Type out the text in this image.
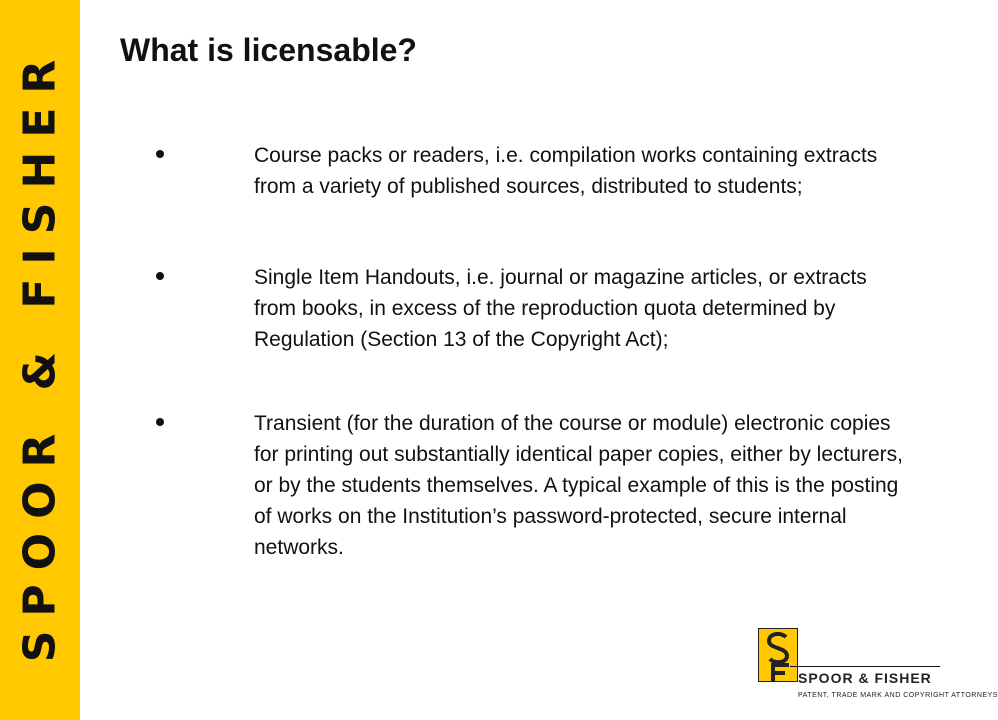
SPOOR & FISHER What is licensable?
Course packs or readers, i.e. compilation works containing extracts from a variety of published sources, distributed to students;
Single Item Handouts, i.e. journal or magazine articles, or extracts from books, in excess of the reproduction quota determined by Regulation (Section 13 of the Copyright Act);
Transient (for the duration of the course or module) electronic copies for printing out substantially identical paper copies, either by lecturers, or by the students themselves. A typical example of this is the posting of works on the Institution’s password-protected, secure internal networks.
SPOOR & FISHER
PATENT, TRADE MARK AND COPYRIGHT ATTORNEYS
